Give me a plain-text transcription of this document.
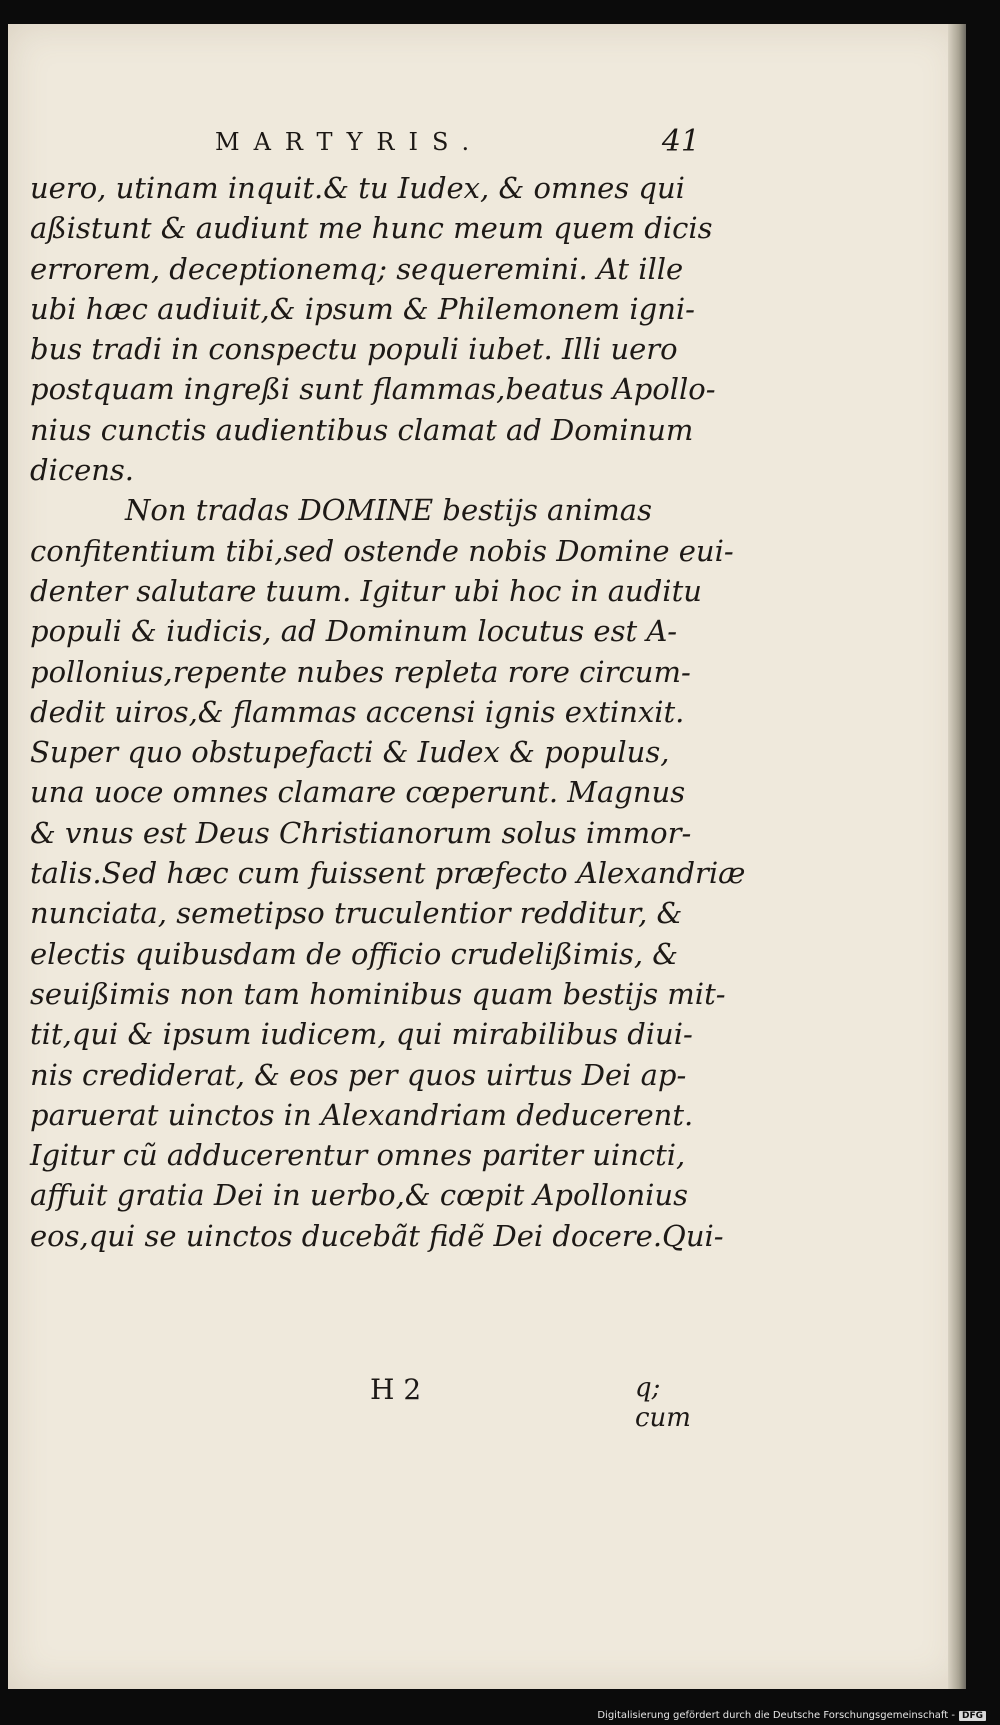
MARTYRIS.	41
uero, utinam inquit.& tu Iudex, & omnes qui
aßistunt & audiunt me hunc meum quem dicis
errorem, deceptionemq; sequeremini. At ille
ubi hæc audiuit,& ipsum & Philemonem igni-
bus tradi in conspectu populi iubet. Illi uero
postquam ingreßi sunt flammas,beatus Apollo-
nius cunctis audientibus clamat ad Dominum
dicens.
Non tradas DOMINE bestijs animas
confitentium tibi,sed ostende nobis Domine eui-
denter salutare tuum. Igitur ubi hoc in auditu
populi & iudicis, ad Dominum locutus est A-
pollonius,repente nubes repleta rore circum-
dedit uiros,& flammas accensi ignis extinxit.
Super quo obstupefacti & Iudex & populus,
una uoce omnes clamare cœperunt. Magnus
& vnus est Deus Christianorum solus immor-
talis.Sed hæc cum fuissent præfecto Alexandriæ
nunciata, semetipso truculentior redditur, &
electis quibusdam de officio crudelißimis, &
seuißimis non tam hominibus quam bestijs mit-
tit,qui & ipsum iudicem, qui mirabilibus diui-
nis crediderat, & eos per quos uirtus Dei ap-
paruerat uinctos in Alexandriam deducerent.
Igitur cũ adducerentur omnes pariter uincti,
affuit gratia Dei in uerbo,& cœpit Apollonius
eos,qui se uinctos ducebãt fidẽ Dei docere.Qui-
H 2	q; cum
Digitalisierung gefördert durch die Deutsche Forschungsgemeinschaft - DFG
